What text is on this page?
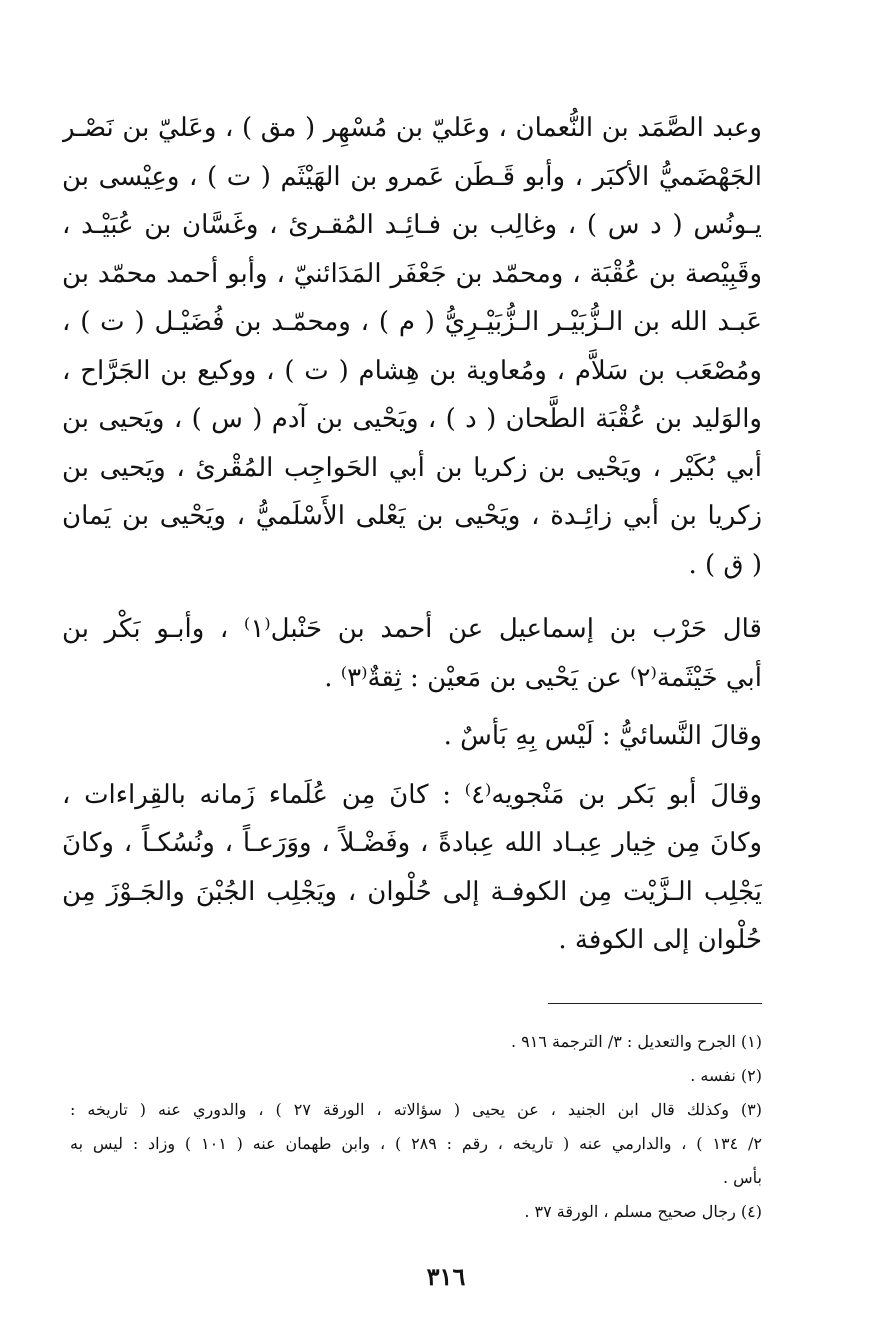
وعبد الصَّمَد بن النُّعمان ، وعَليّ بن مُسْهِر ( مق ) ، وعَليّ بن نَصْـر
الجَهْضَميُّ الأكبَر ، وأبو قَـطَن عَمرو بن الهَيْثَم ( ت ) ، وعِيْسى بن
يـونُس ( د س ) ، وغالِب بن فـائِـد المُقـرئ ، وغَسَّان بن عُبَيْـد ،
وقَبِيْصة بن عُقْبَة ، ومحمّد بن جَعْفَر المَدَائنيّ ، وأبو أحمد محمّد بن
عَبـد الله بن الـزُّبَيْـر الـزُّبَيْـرِيُّ ( م ) ، ومحمّـد بن فُضَيْـل ( ت ) ،
ومُصْعَب بن سَلاَّم ، ومُعاوية بن هِشام ( ت ) ، ووكيع بن الجَرَّاح ،
والوَليد بن عُقْبَة الطَّحان ( د ) ، ويَحْيى بن آدم ( س ) ، ويَحيى بن
أبي بُكَيْر ، ويَحْيى بن زكريا بن أبي الحَواجِب المُقْرئ ، ويَحيى بن
زكريا بن أبي زائِـدة ، ويَحْيى بن يَعْلى الأَسْلَميُّ ، ويَحْيى بن يَمان
( ق ) .
قال حَرْب بن إسماعيل عن أحمد بن حَنْبل⁽١⁾ ، وأبـو بَكْر بن
أبي خَيْثَمة⁽٢⁾ عن يَحْيى بن مَعيْن : ثِقةٌ⁽٣⁾ .
وقالَ النَّسائيُّ : لَيْس بِهِ بَأسٌ .
وقالَ أبو بَكر بن مَنْجويه⁽٤⁾ : كانَ مِن عُلَماء زَمانه بالقِراءات ،
وكانَ مِن خِيار عِبـاد الله عِبادةً ، وفَضْـلاً ، ووَرَعـاً ، ونُسُكـاً ، وكانَ
يَجْلِب الـزَّيْت مِن الكوفـة إلى حُلْوان ، ويَجْلِب الجُبْنَ والجَـوْزَ مِن
حُلْوان إلى الكوفة .
(١) الجرح والتعديل : ٣/ الترجمة ٩١٦ .
(٢) نفسه .
(٣) وكذلك قال ابن الجنيد ، عن يحيى ( سؤالاته ، الورقة ٢٧ ) ، والدوري عنه ( تاريخه :
٢/ ١٣٤ ) ، والدارمي عنه ( تاريخه ، رقم : ٢٨٩ ) ، وابن طهمان عنه ( ١٠١ ) وزاد : ليس به
بأس .
(٤) رجال صحيح مسلم ، الورقة ٣٧ .
٣١٦
